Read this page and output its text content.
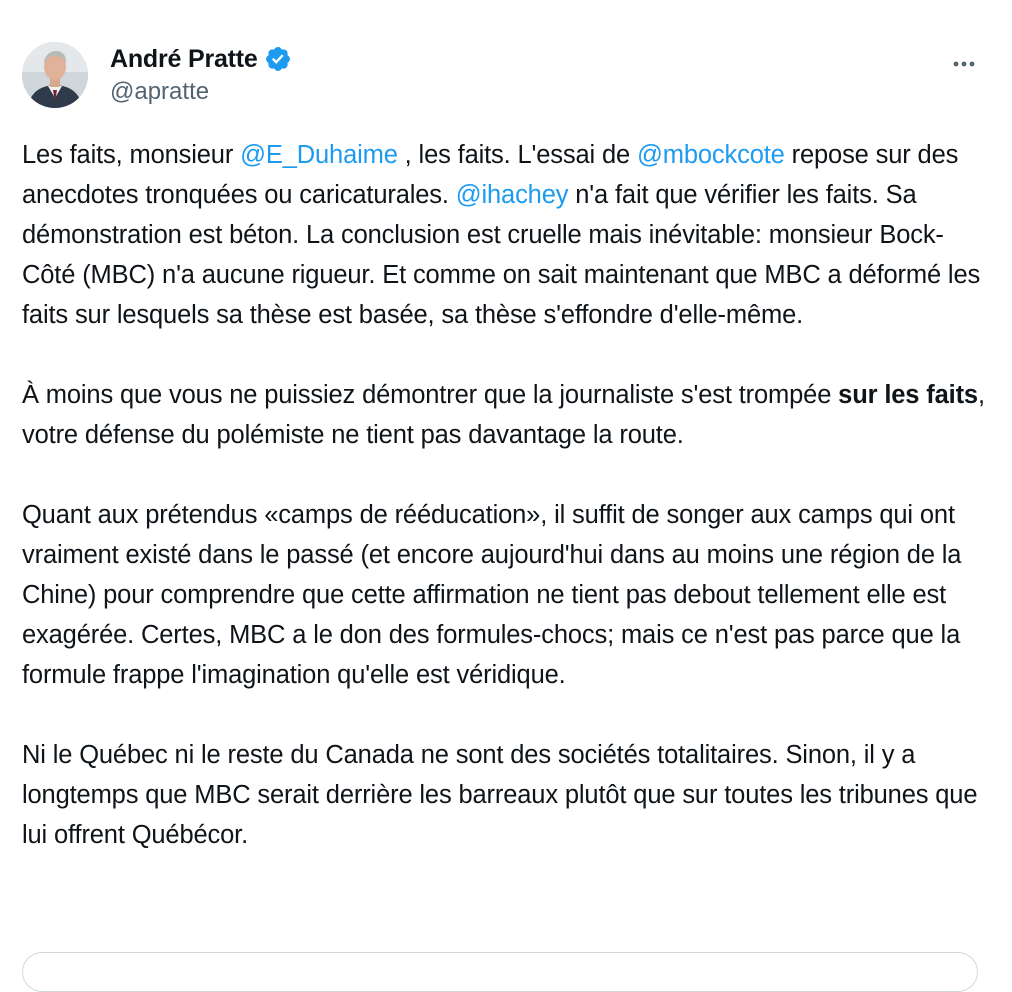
André Pratte
@apratte

Les faits, monsieur @E_Duhaime , les faits. L'essai de @mbockcote repose sur des anecdotes tronquées ou caricaturales. @ihachey n'a fait que vérifier les faits. Sa démonstration est béton. La conclusion est cruelle mais inévitable: monsieur Bock-Côté (MBC) n'a aucune rigueur. Et comme on sait maintenant que MBC a déformé les faits sur lesquels sa thèse est basée, sa thèse s'effondre d'elle-même.

À moins que vous ne puissiez démontrer que la journaliste s'est trompée sur les faits, votre défense du polémiste ne tient pas davantage la route.

Quant aux prétendus «camps de rééducation», il suffit de songer aux camps qui ont vraiment existé dans le passé (et encore aujourd'hui dans au moins une région de la Chine) pour comprendre que cette affirmation ne tient pas debout tellement elle est exagérée. Certes, MBC a le don des formules-chocs; mais ce n'est pas parce que la formule frappe l'imagination qu'elle est véridique.

Ni le Québec ni le reste du Canada ne sont des sociétés totalitaires. Sinon, il y a longtemps que MBC serait derrière les barreaux plutôt que sur toutes les tribunes que lui offrent Québécor.
